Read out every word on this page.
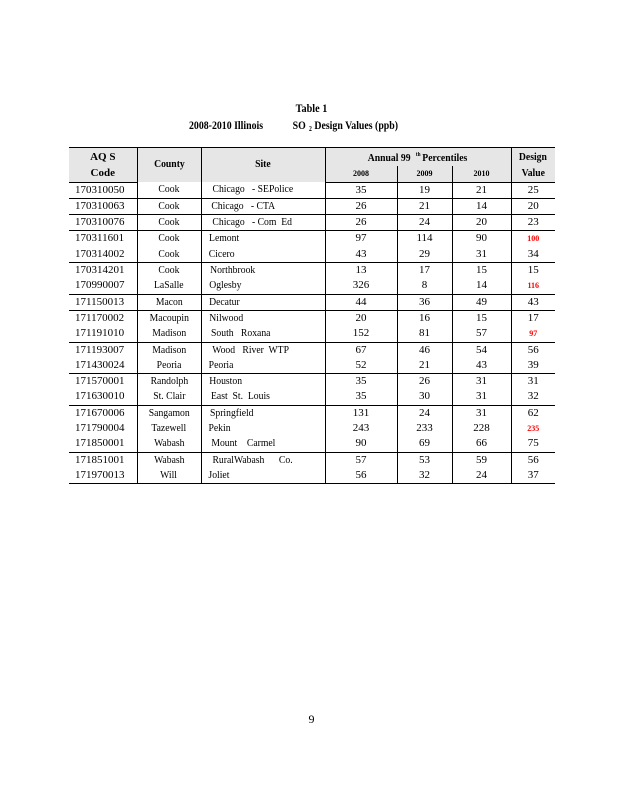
Table 1
2008-2010 Illinois SO $_2$ Design Values (ppb)
AQ S	County	Site	Annual 99 $^{th}$ Percentiles			Design
Code			2008	2009	2010	Value
170310050	Cook	Chicago   - SEPolice	35	19	21	25
170310063	Cook	Chicago   - CTA	26	21	14	20
170310076	Cook	Chicago   - Com  Ed	26	24	20	23
170311601	Cook	Lemont	97	114	90	100
170314002	Cook	Cicero	43	29	31	34
170314201	Cook	Northbrook	13	17	15	15
170990007	LaSalle	Oglesby	326	8	14	116
171150013	Macon	Decatur	44	36	49	43
171170002	Macoupin	Nilwood	20	16	15	17
171191010	Madison	South   Roxana	152	81	57	97
171193007	Madison	Wood   River  WTP	67	46	54	56
171430024	Peoria	Peoria	52	21	43	39
171570001	Randolph	Houston	35	26	31	31
171630010	St. Clair	East  St.  Louis	35	30	31	32
171670006	Sangamon	Springfield	131	24	31	62
171790004	Tazewell	Pekin	243	233	228	235
171850001	Wabash	Mount    Carmel	90	69	66	75
171851001	Wabash	RuralWabash      Co.	57	53	59	56
171970013	Will	Joliet	56	32	24	37
9
